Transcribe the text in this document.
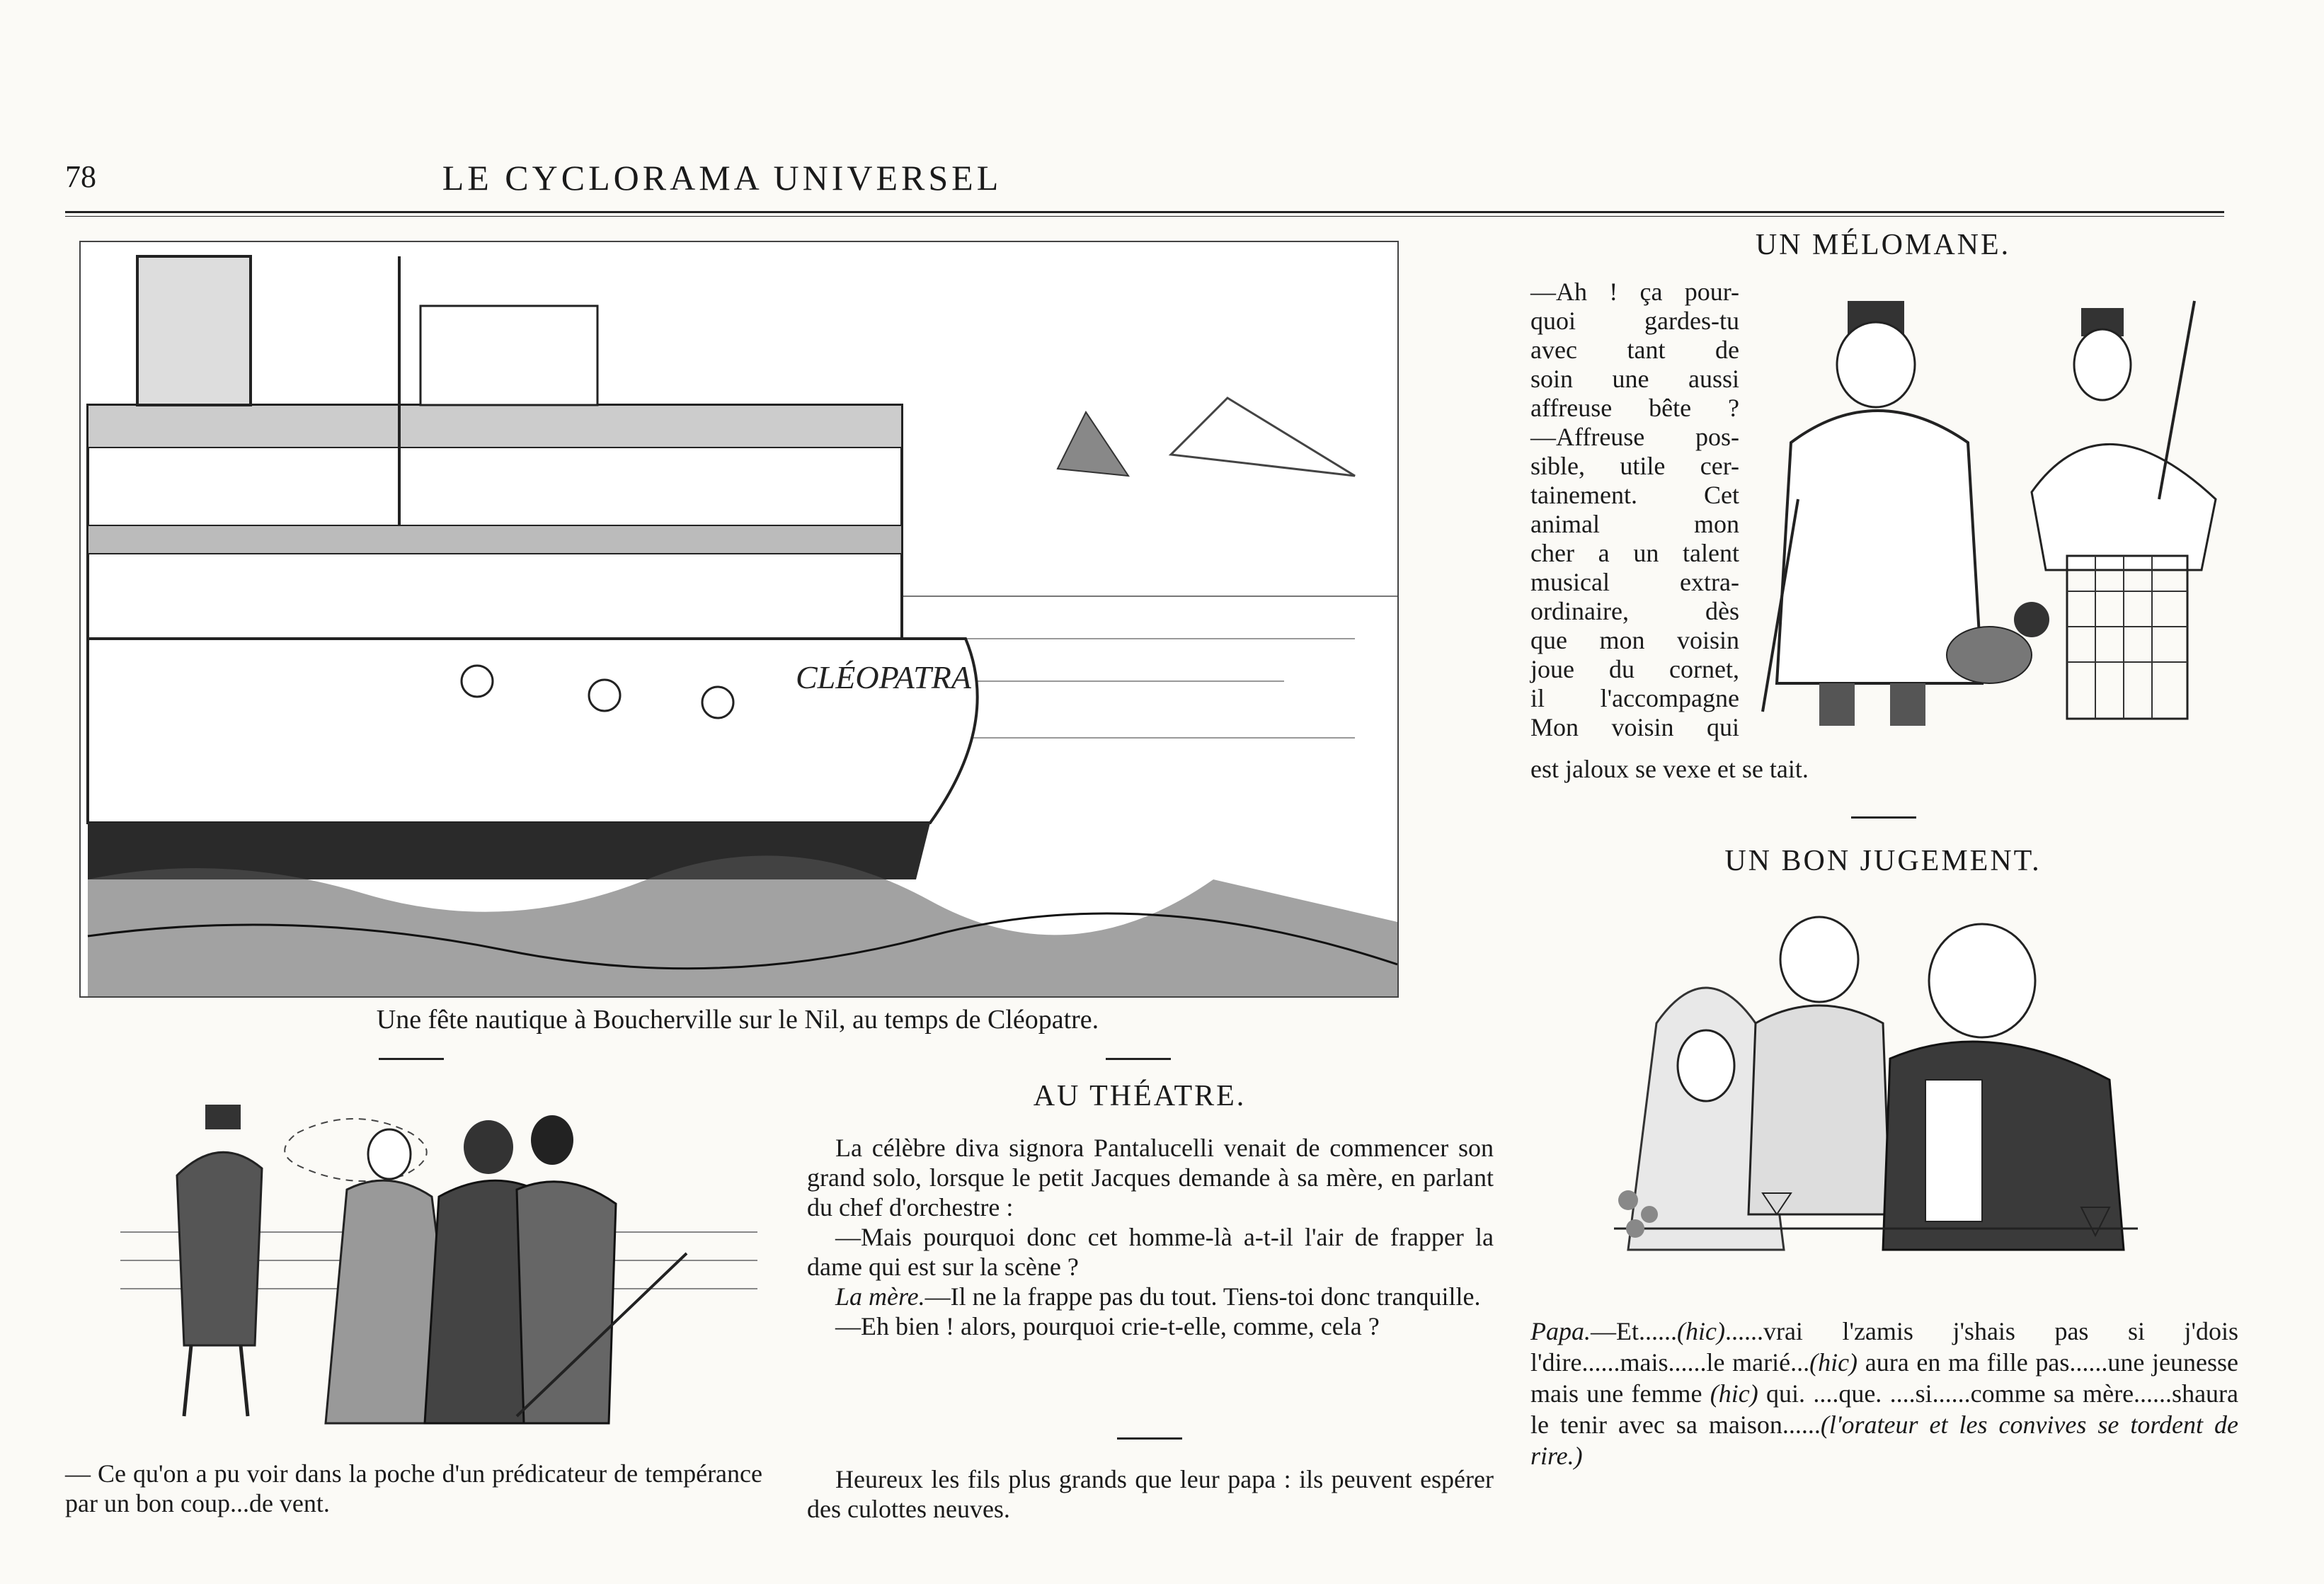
78	LE CYCLORAMA UNIVERSEL
CLÉOPATRA
Une fête nautique à Boucherville sur le Nil, au temps de Cléopatre.
UN MÉLOMANE.
—Ah ! ça pour-
quoi gardes-tu
avec tant de
soin une aussi
affreuse bête ?
—Affreuse pos-
sible, utile cer-
tainement. Cet
animal mon
cher a un talent
musical extra-
ordinaire, dès
que mon voisin
joue du cornet,
il l'accompagne
Mon voisin qui
est jaloux se vexe et se tait.
UN BON JUGEMENT.
Papa.—Et......(hic)......vrai l'zamis j'shais pas si j'dois l'dire......mais......le marié...(hic) aura en ma fille pas......une jeunesse mais une femme (hic) qui. ....que. ....si......comme sa mère......shaura le tenir avec sa maison......(l'orateur et les convives se tordent de rire.)
— Ce qu'on a pu voir dans la poche d'un prédicateur de tempérance par un bon coup...de vent.
AU THÉATRE.

La célèbre diva signora Pantalucelli venait de commencer son grand solo, lorsque le petit Jacques demande à sa mère, en parlant du chef d'orchestre :

—Mais pourquoi donc cet homme-là a-t-il l'air de frapper la dame qui est sur la scène ?

La mère.—Il ne la frappe pas du tout. Tiens-toi donc tranquille.

—Eh bien ! alors, pourquoi crie-t-elle, comme, cela ?

Heureux les fils plus grands que leur papa : ils peuvent espérer des culottes neuves.
